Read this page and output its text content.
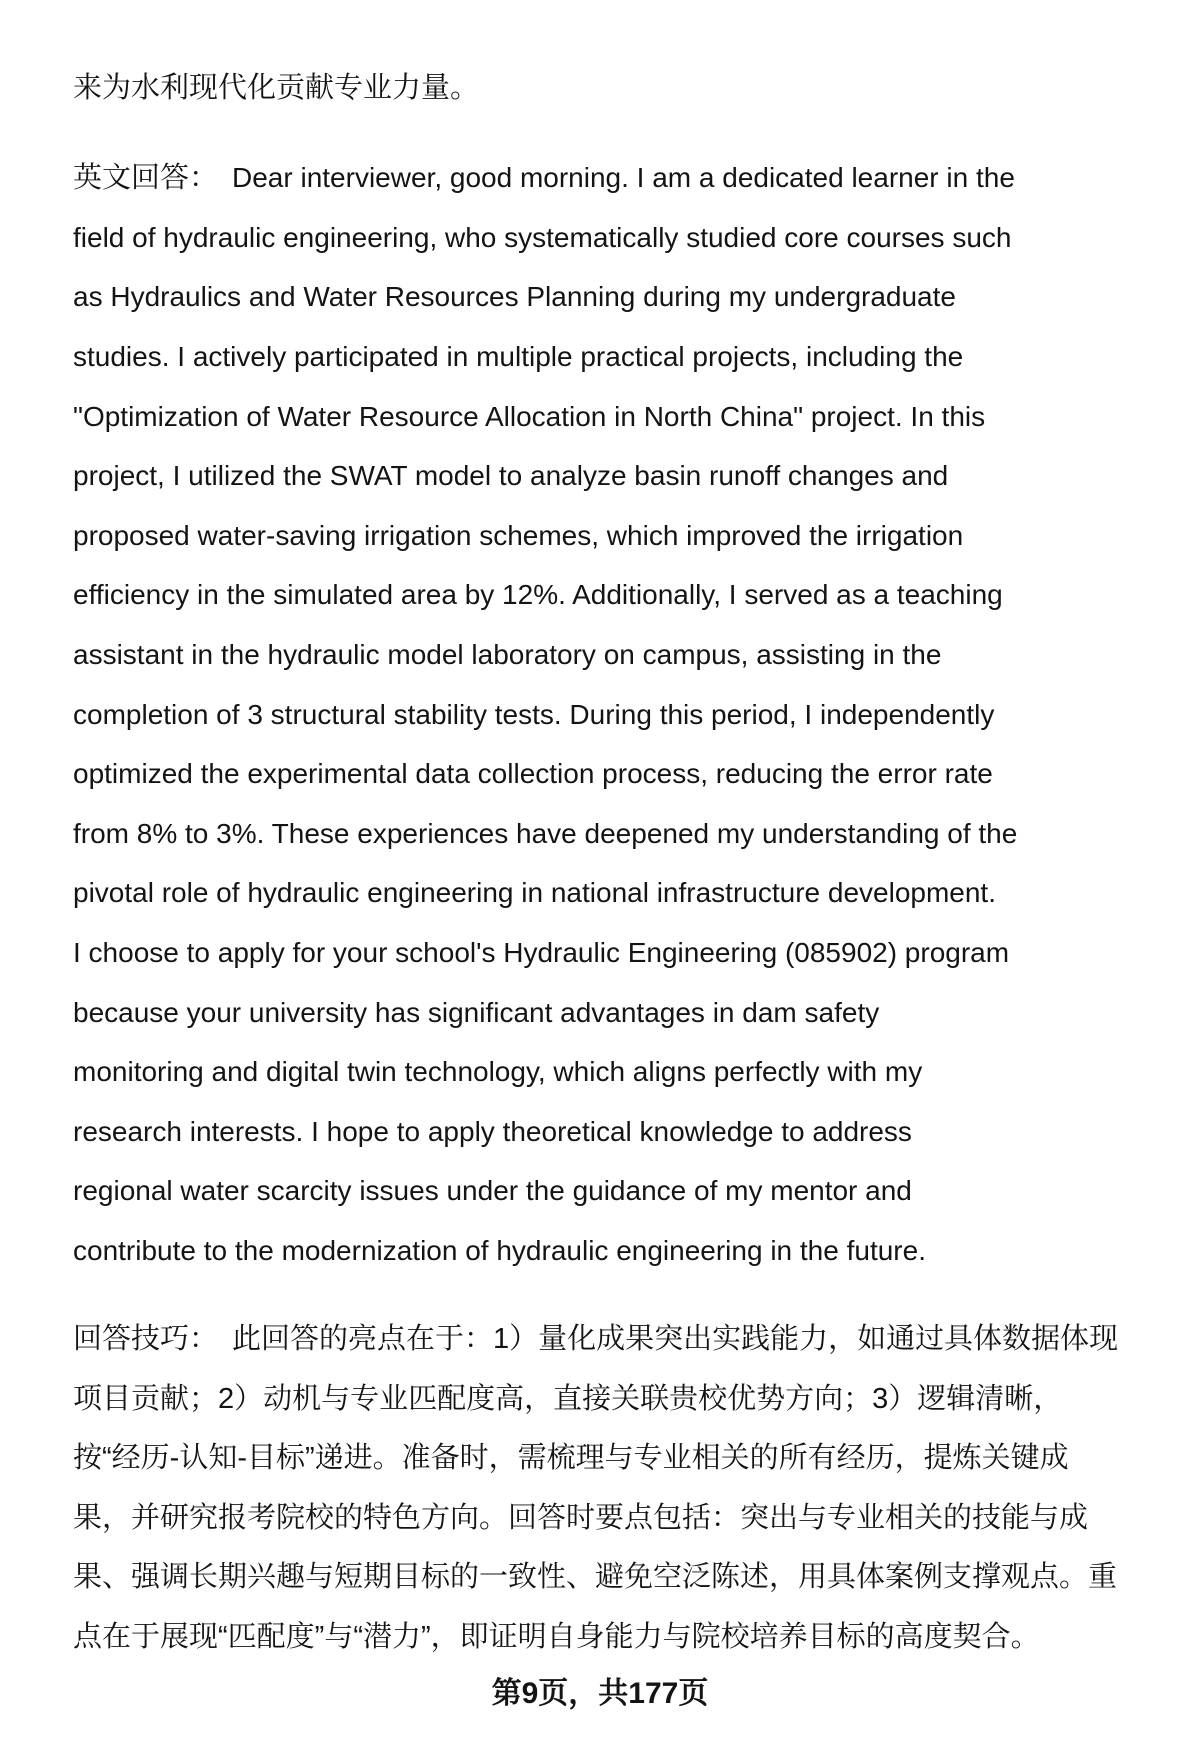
来为水利现代化贡献专业力量。
英文回答： Dear interviewer, good morning. I am a dedicated learner in the
field of hydraulic engineering, who systematically studied core courses such
as Hydraulics and Water Resources Planning during my undergraduate
studies. I actively participated in multiple practical projects, including the
"Optimization of Water Resource Allocation in North China" project. In this
project, I utilized the SWAT model to analyze basin runoff changes and
proposed water-saving irrigation schemes, which improved the irrigation
efficiency in the simulated area by 12%. Additionally, I served as a teaching
assistant in the hydraulic model laboratory on campus, assisting in the
completion of 3 structural stability tests. During this period, I independently
optimized the experimental data collection process, reducing the error rate
from 8% to 3%. These experiences have deepened my understanding of the
pivotal role of hydraulic engineering in national infrastructure development.
I choose to apply for your school's Hydraulic Engineering (085902) program
because your university has significant advantages in dam safety
monitoring and digital twin technology, which aligns perfectly with my
research interests. I hope to apply theoretical knowledge to address
regional water scarcity issues under the guidance of my mentor and
contribute to the modernization of hydraulic engineering in the future.
回答技巧： 此回答的亮点在于：1）量化成果突出实践能力，如通过具体数据体现
项目贡献；2）动机与专业匹配度高，直接关联贵校优势方向；3）逻辑清晰，
按“经历-认知-目标”递进。准备时，需梳理与专业相关的所有经历，提炼关键成
果，并研究报考院校的特色方向。回答时要点包括：突出与专业相关的技能与成
果、强调长期兴趣与短期目标的一致性、避免空泛陈述，用具体案例支撑观点。重
点在于展现“匹配度”与“潜力”，即证明自身能力与院校培养目标的高度契合。
第9页，共177页
